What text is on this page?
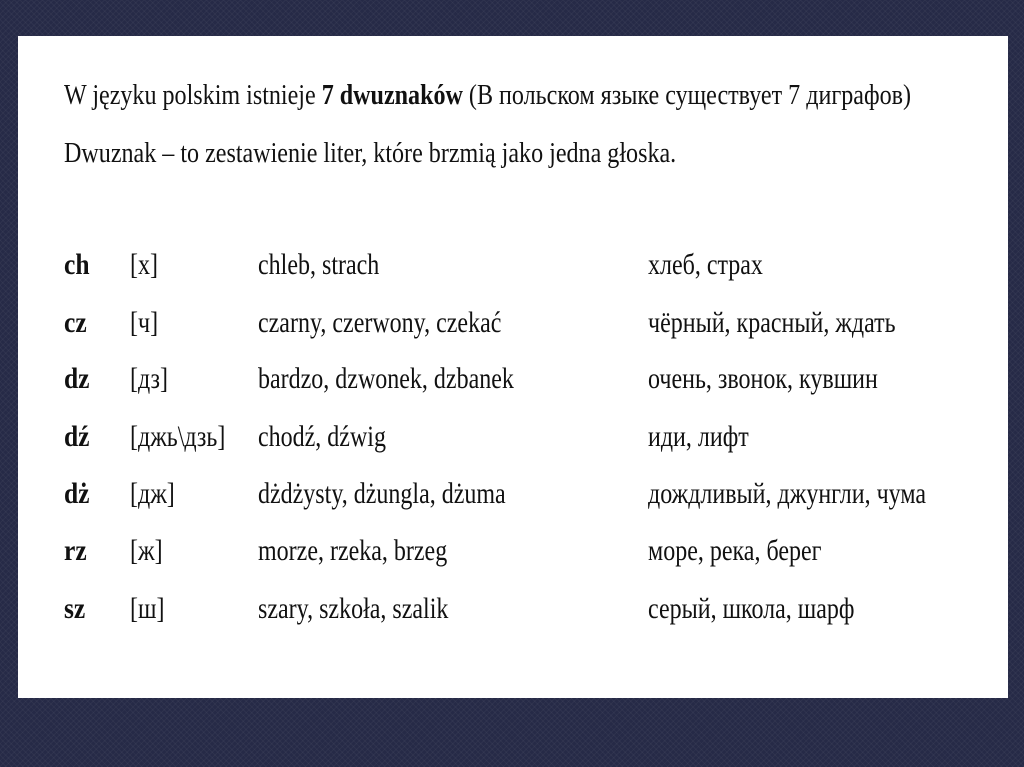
W języku polskim istnieje 7 dwuznaków (В польском языке существует 7 диграфов)
Dwuznak – to zestawienie liter, które brzmią jako jedna głoska.
ch [х]	chleb, strach	хлеб, страх
cz [ч]	czarny, czerwony, czekać	чёрный, красный, ждать
dz [дз]	bardzo, dzwonek, dzbanek	очень, звонок, кувшин
dź [джь\дзь] chodź, dźwig	иди, лифт
dż [дж]	dżdżysty, dżungla, dżuma	дождливый, джунгли, чума
rz [ж]	morze, rzeka, brzeg	море, река, берег
sz [ш]	szary, szkoła, szalik	серый, школа, шарф
